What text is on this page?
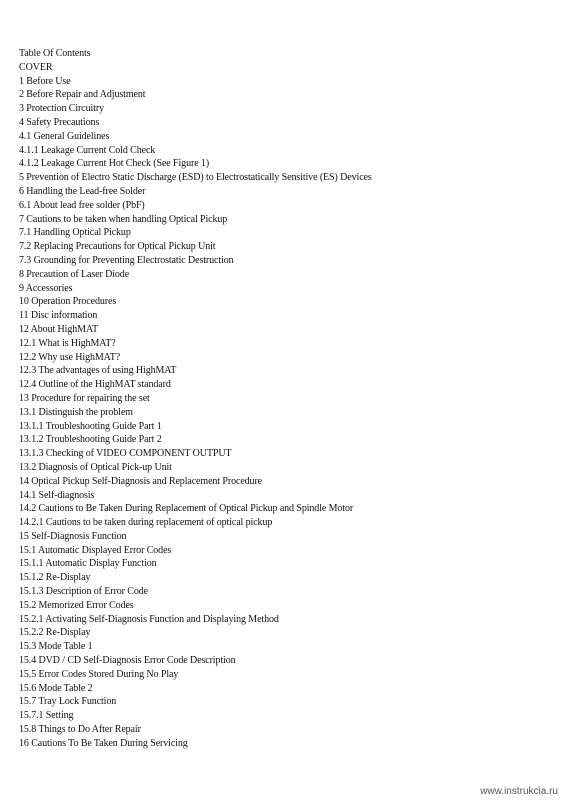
Table Of Contents
COVER
1 Before Use
2 Before Repair and Adjustment
3 Protection Circuitry
4 Safety Precautions
4.1 General Guidelines
4.1.1 Leakage Current Cold Check
4.1.2 Leakage Current Hot Check (See Figure 1)
5 Prevention of Electro Static Discharge (ESD) to Electrostatically Sensitive (ES) Devices
6 Handling the Lead-free Solder
6.1 About lead free solder (PbF)
7 Cautions to be taken when handling Optical Pickup
7.1 Handling Optical Pickup
7.2 Replacing Precautions for Optical Pickup Unit
7.3 Grounding for Preventing Electrostatic Destruction
8 Precaution of Laser Diode
9 Accessories
10 Operation Procedures
11 Disc information
12 About HighMAT
12.1 What is HighMAT?
12.2 Why use HighMAT?
12.3 The advantages of using HighMAT
12.4 Outline of the HighMAT standard
13 Procedure for repairing the set
13.1 Distinguish the problem
13.1.1 Troubleshooting Guide Part 1
13.1.2 Troubleshooting Guide Part 2
13.1.3 Checking of VIDEO COMPONENT OUTPUT
13.2 Diagnosis of Optical Pick-up Unit
14 Optical Pickup Self-Diagnosis and Replacement Procedure
14.1 Self-diagnosis
14.2 Cautions to Be Taken During Replacement of Optical Pickup and Spindle Motor
14.2.1 Cautions to be taken during replacement of optical pickup
15 Self-Diagnosis Function
15.1 Automatic Displayed Error Codes
15.1.1 Automatic Display Function
15.1.2 Re-Display
15.1.3 Description of Error Code
15.2 Memorized Error Codes
15.2.1 Activating Self-Diagnosis Function and Displaying Method
15.2.2 Re-Display
15.3 Mode Table 1
15.4 DVD / CD Self-Diagnosis Error Code Description
15.5 Error Codes Stored During No Play
15.6 Mode Table 2
15.7 Tray Lock Function
15.7.1 Setting
15.8 Things to Do After Repair
16 Cautions To Be Taken During Servicing
www.instrukcia.ru
